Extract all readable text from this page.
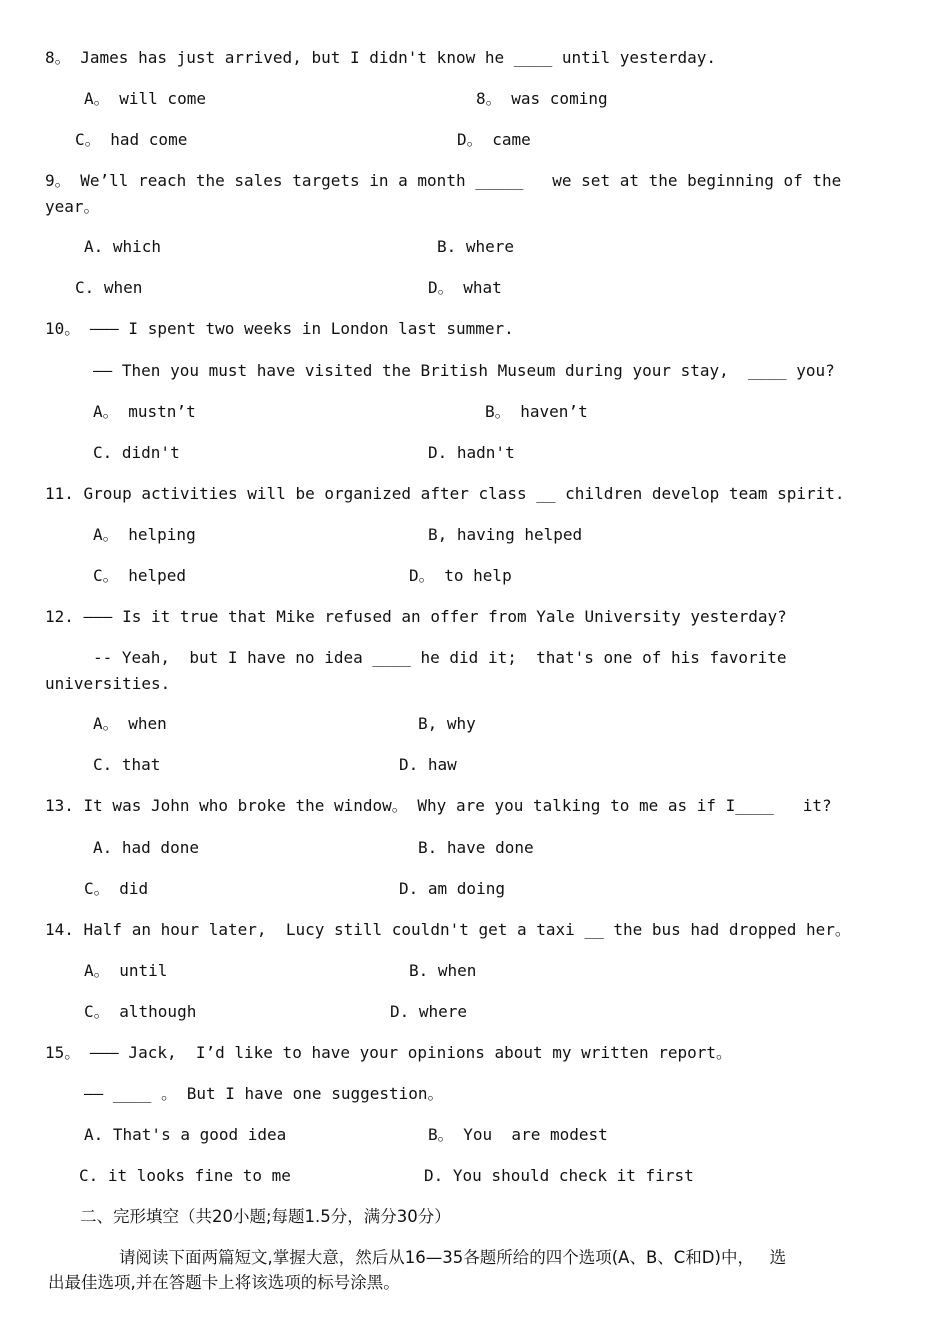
8。 James has just arrived, but I didn't know he ____ until yesterday.

A。 will come	8。 was coming

C。 had come	D。 came

9。 We’ll reach the sales targets in a month _____   we set at the beginning of the

year。

A. which	B. where

C. when	D。 what

10。 ——— I spent two weeks in London last summer.

—— Then you must have visited the British Museum during your stay,  ____ you?

A。 mustn’t	B。 haven’t

C. didn't	D. hadn't

11. Group activities will be organized after class __ children develop team spirit.

A。 helping	B, having helped

C。 helped	D。 to help

12. ——— Is it true that Mike refused an offer from Yale University yesterday?

-- Yeah,  but I have no idea ____ he did it;  that's one of his favorite

universities.

A。 when	B, why

C. that	D. haw

13. It was John who broke the window。 Why are you talking to me as if I____   it?

A. had done	B. have done

C。 did	D. am doing

14. Half an hour later,  Lucy still couldn't get a taxi __ the bus had dropped her。

A。 until	B. when

C。 although	D. where

15。 ——— Jack,  I’d like to have your opinions about my written report。

—— ____ 。 But I have one suggestion。

A. That's a good idea	B。 You  are modest

C. it looks fine to me	D. You should check it first

二、完形填空（共20小题;每题1.5分，满分30分）

请阅读下面两篇短文,掌握大意，然后从16—35各题所给的四个选项(A、B、C和D)中，   选

出最佳选项,并在答题卡上将该选项的标号涂黑。
